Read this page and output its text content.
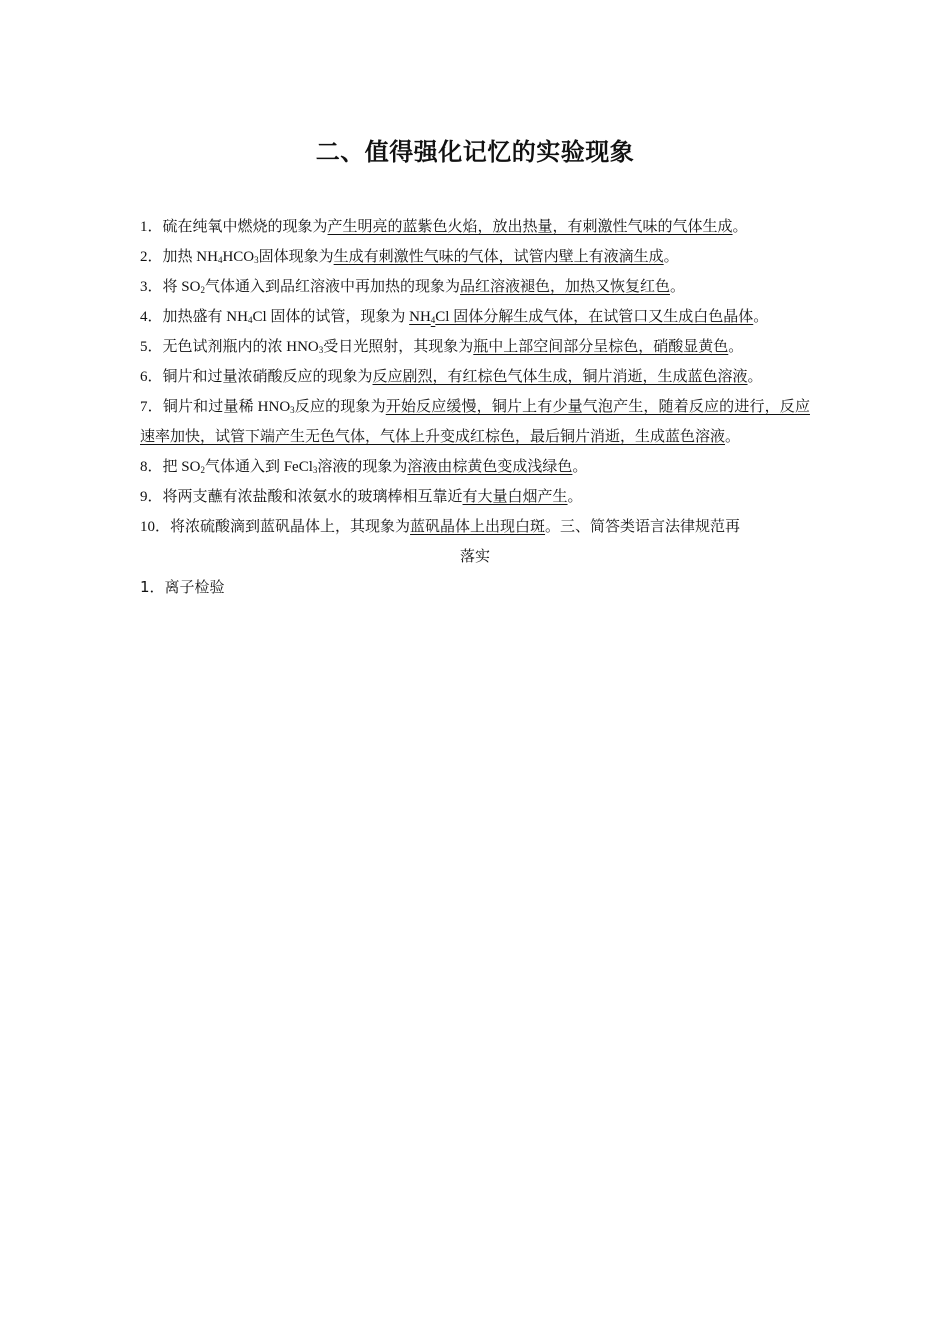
二、值得强化记忆的实验现象

1．硫在纯氧中燃烧的现象为产生明亮的蓝紫色火焰，放出热量，有刺激性气味的气体生成。

2．加热 $NH_4HCO_3$固体现象为生成有刺激性气味的气体，试管内壁上有液滴生成。

3．将 $SO_2$气体通入到品红溶液中再加热的现象为品红溶液褪色，加热又恢复红色。

4．加热盛有 $NH_4Cl$ 固体的试管，现象为 $NH_4Cl$ 固体分解生成气体，在试管口又生成白色晶体。

5．无色试剂瓶内的浓 $HNO_3$受日光照射，其现象为瓶中上部空间部分呈棕色，硝酸显黄色。

6．铜片和过量浓硝酸反应的现象为反应剧烈，有红棕色气体生成，铜片消逝，生成蓝色溶液。

7．铜片和过量稀 $HNO_3$反应的现象为开始反应缓慢，铜片上有少量气泡产生，随着反应的进行，反应速率加快，试管下端产生无色气体，气体上升变成红棕色，最后铜片消逝，生成蓝色溶液。

8．把 $SO_2$气体通入到 FeCl$_3$溶液的现象为溶液由棕黄色变成浅绿色。

9．将两支蘸有浓盐酸和浓氨水的玻璃棒相互靠近有大量白烟产生。

10．将浓硫酸滴到蓝矾晶体上，其现象为蓝矾晶体上出现白斑。三、简答类语言法律规范再

落实

1．离子检验
